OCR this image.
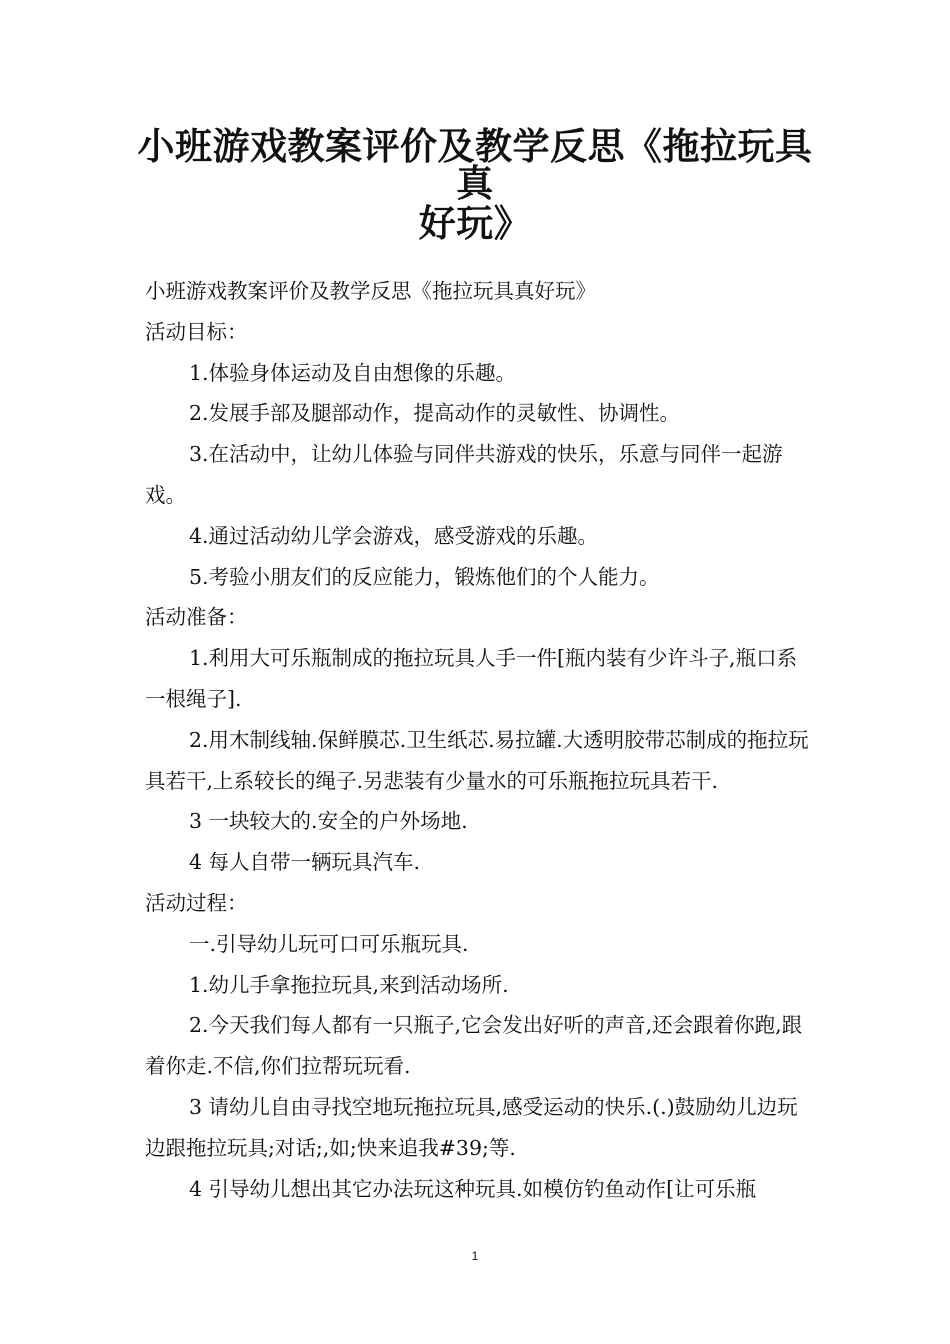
小班游戏教案评价及教学反思《拖拉玩具真
好玩》

小班游戏教案评价及教学反思《拖拉玩具真好玩》

活动目标：

1.体验身体运动及自由想像的乐趣。

2.发展手部及腿部动作，提高动作的灵敏性、协调性。

3.在活动中，让幼儿体验与同伴共游戏的快乐，乐意与同伴一起游戏。

4.通过活动幼儿学会游戏，感受游戏的乐趣。

5.考验小朋友们的反应能力，锻炼他们的个人能力。

活动准备：

1.利用大可乐瓶制成的拖拉玩具人手一件[瓶内装有少许斗子,瓶口系一根绳子].

2.用木制线轴.保鲜膜芯.卫生纸芯.易拉罐.大透明胶带芯制成的拖拉玩具若干,上系较长的绳子.另悲装有少量水的可乐瓶拖拉玩具若干.

3 一块较大的.安全的户外场地.

4 每人自带一辆玩具汽车.

活动过程：

一.引导幼儿玩可口可乐瓶玩具.

1.幼儿手拿拖拉玩具,来到活动场所.

2.今天我们每人都有一只瓶子,它会发出好听的声音,还会跟着你跑,跟着你走.不信,你们拉帮玩玩看.

3 请幼儿自由寻找空地玩拖拉玩具,感受运动的快乐.(.)鼓励幼儿边玩边跟拖拉玩具;对话;,如;快来追我#39;等.

4 引导幼儿想出其它办法玩这种玩具.如模仿钓鱼动作[让可乐瓶

1
